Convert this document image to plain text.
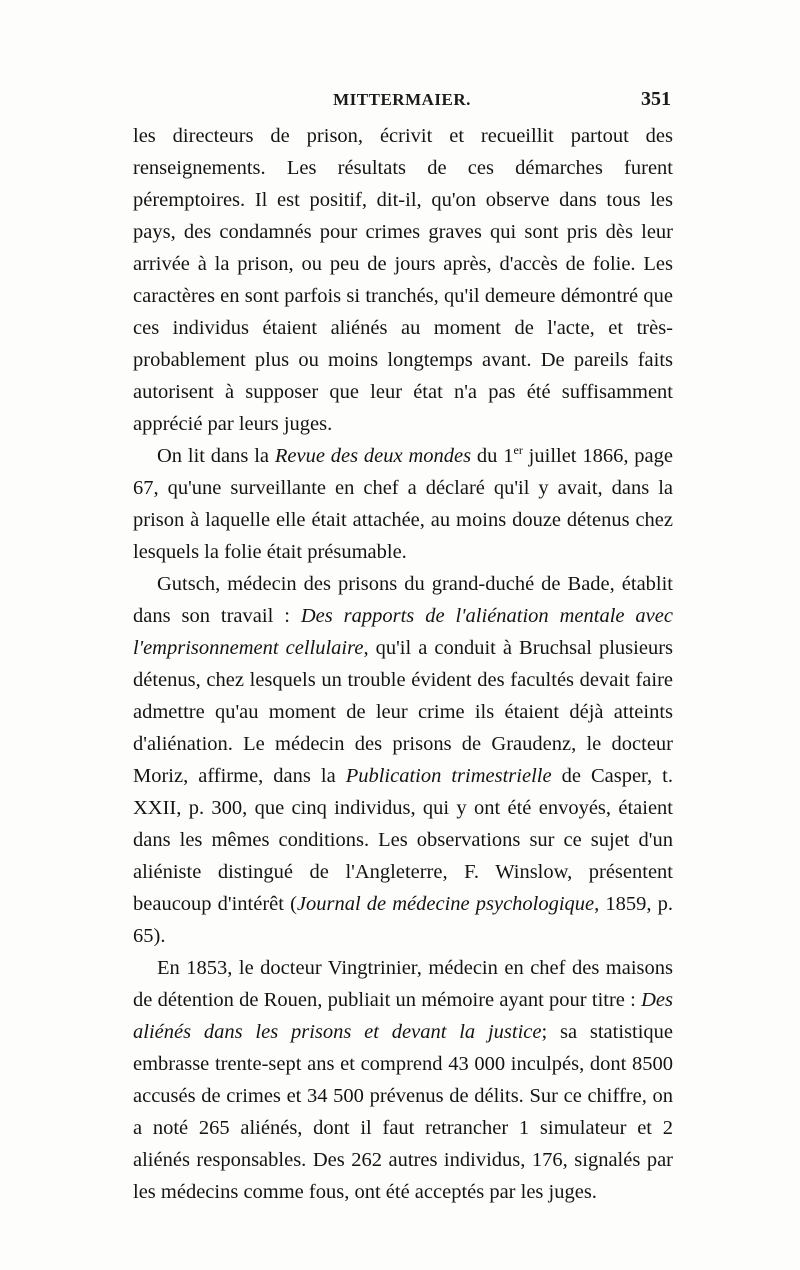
MITTERMAIER.	351

les directeurs de prison, écrivit et recueillit partout des renseignements. Les résultats de ces démarches furent péremptoires. Il est positif, dit-il, qu'on observe dans tous les pays, des condamnés pour crimes graves qui sont pris dès leur arrivée à la prison, ou peu de jours après, d'accès de folie. Les caractères en sont parfois si tranchés, qu'il demeure démontré que ces individus étaient aliénés au moment de l'acte, et très-probablement plus ou moins longtemps avant. De pareils faits autorisent à supposer que leur état n'a pas été suffisamment apprécié par leurs juges.

On lit dans la Revue des deux mondes du 1er juillet 1866, page 67, qu'une surveillante en chef a déclaré qu'il y avait, dans la prison à laquelle elle était attachée, au moins douze détenus chez lesquels la folie était présumable.

Gutsch, médecin des prisons du grand-duché de Bade, établit dans son travail : Des rapports de l'aliénation mentale avec l'emprisonnement cellulaire, qu'il a conduit à Bruchsal plusieurs détenus, chez lesquels un trouble évident des facultés devait faire admettre qu'au moment de leur crime ils étaient déjà atteints d'aliénation. Le médecin des prisons de Graudenz, le docteur Moriz, affirme, dans la Publication trimestrielle de Casper, t. XXII, p. 300, que cinq individus, qui y ont été envoyés, étaient dans les mêmes conditions. Les observations sur ce sujet d'un aliéniste distingué de l'Angleterre, F. Winslow, présentent beaucoup d'intérêt (Journal de médecine psychologique, 1859, p. 65).

En 1853, le docteur Vingtrinier, médecin en chef des maisons de détention de Rouen, publiait un mémoire ayant pour titre : Des aliénés dans les prisons et devant la justice; sa statistique embrasse trente-sept ans et comprend 43 000 inculpés, dont 8500 accusés de crimes et 34 500 prévenus de délits. Sur ce chiffre, on a noté 265 aliénés, dont il faut retrancher 1 simulateur et 2 aliénés responsables. Des 262 autres individus, 176, signalés par les médecins comme fous, ont été acceptés par les juges.
